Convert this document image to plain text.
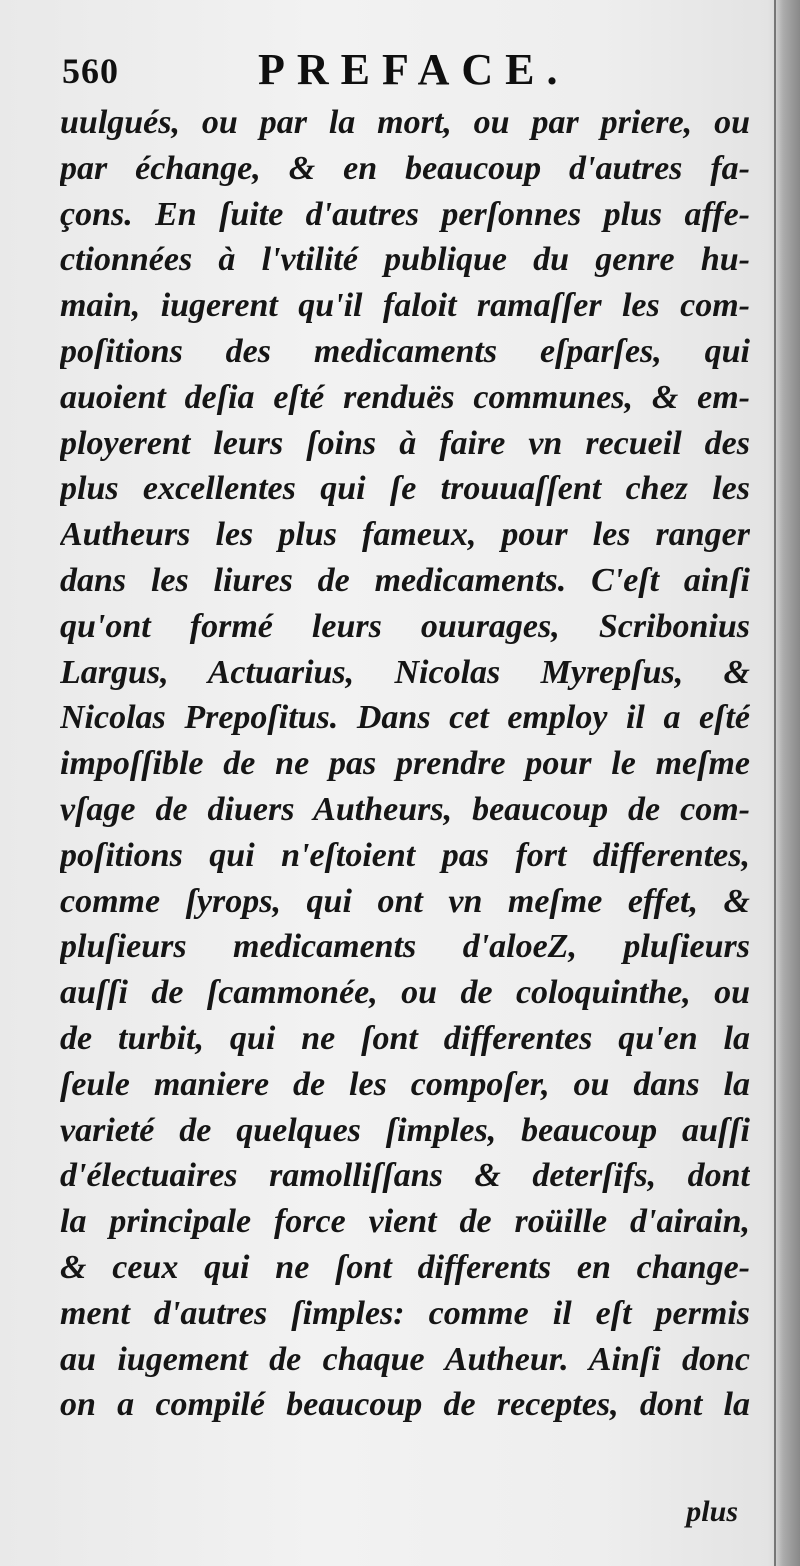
560	PREFACE.
uulgués, ou par la mort, ou par priere, ou
par échange, & en beaucoup d'autres fa-
çons. En ſuite d'autres perſonnes plus affe-
ctionnées à l'vtilité publique du genre hu-
main, iugerent qu'il faloit ramaſſer les com-
poſitions des medicaments eſparſes, qui
auoient deſia eſté renduës communes, & em-
ployerent leurs ſoins à faire vn recueil des
plus excellentes qui ſe trouuaſſent chez les
Autheurs les plus fameux, pour les ranger
dans les liures de medicaments. C'eſt ainſi
qu'ont formé leurs ouurages, Scribonius
Largus, Actuarius, Nicolas Myrepſus, &
Nicolas Prepoſitus. Dans cet employ il a eſté
impoſſible de ne pas prendre pour le meſme
vſage de diuers Autheurs, beaucoup de com-
poſitions qui n'eſtoient pas fort differentes,
comme ſyrops, qui ont vn meſme effet, &
pluſieurs medicaments d'aloeZ, pluſieurs
auſſi de ſcammonée, ou de coloquinthe, ou
de turbit, qui ne ſont differentes qu'en la
ſeule maniere de les compoſer, ou dans la
varieté de quelques ſimples, beaucoup auſſi
d'électuaires ramolliſſans & deterſifs, dont
la principale force vient de roüille d'airain,
& ceux qui ne ſont differents en change-
ment d'autres ſimples: comme il eſt permis
au iugement de chaque Autheur. Ainſi donc
on a compilé beaucoup de receptes, dont la
plus
